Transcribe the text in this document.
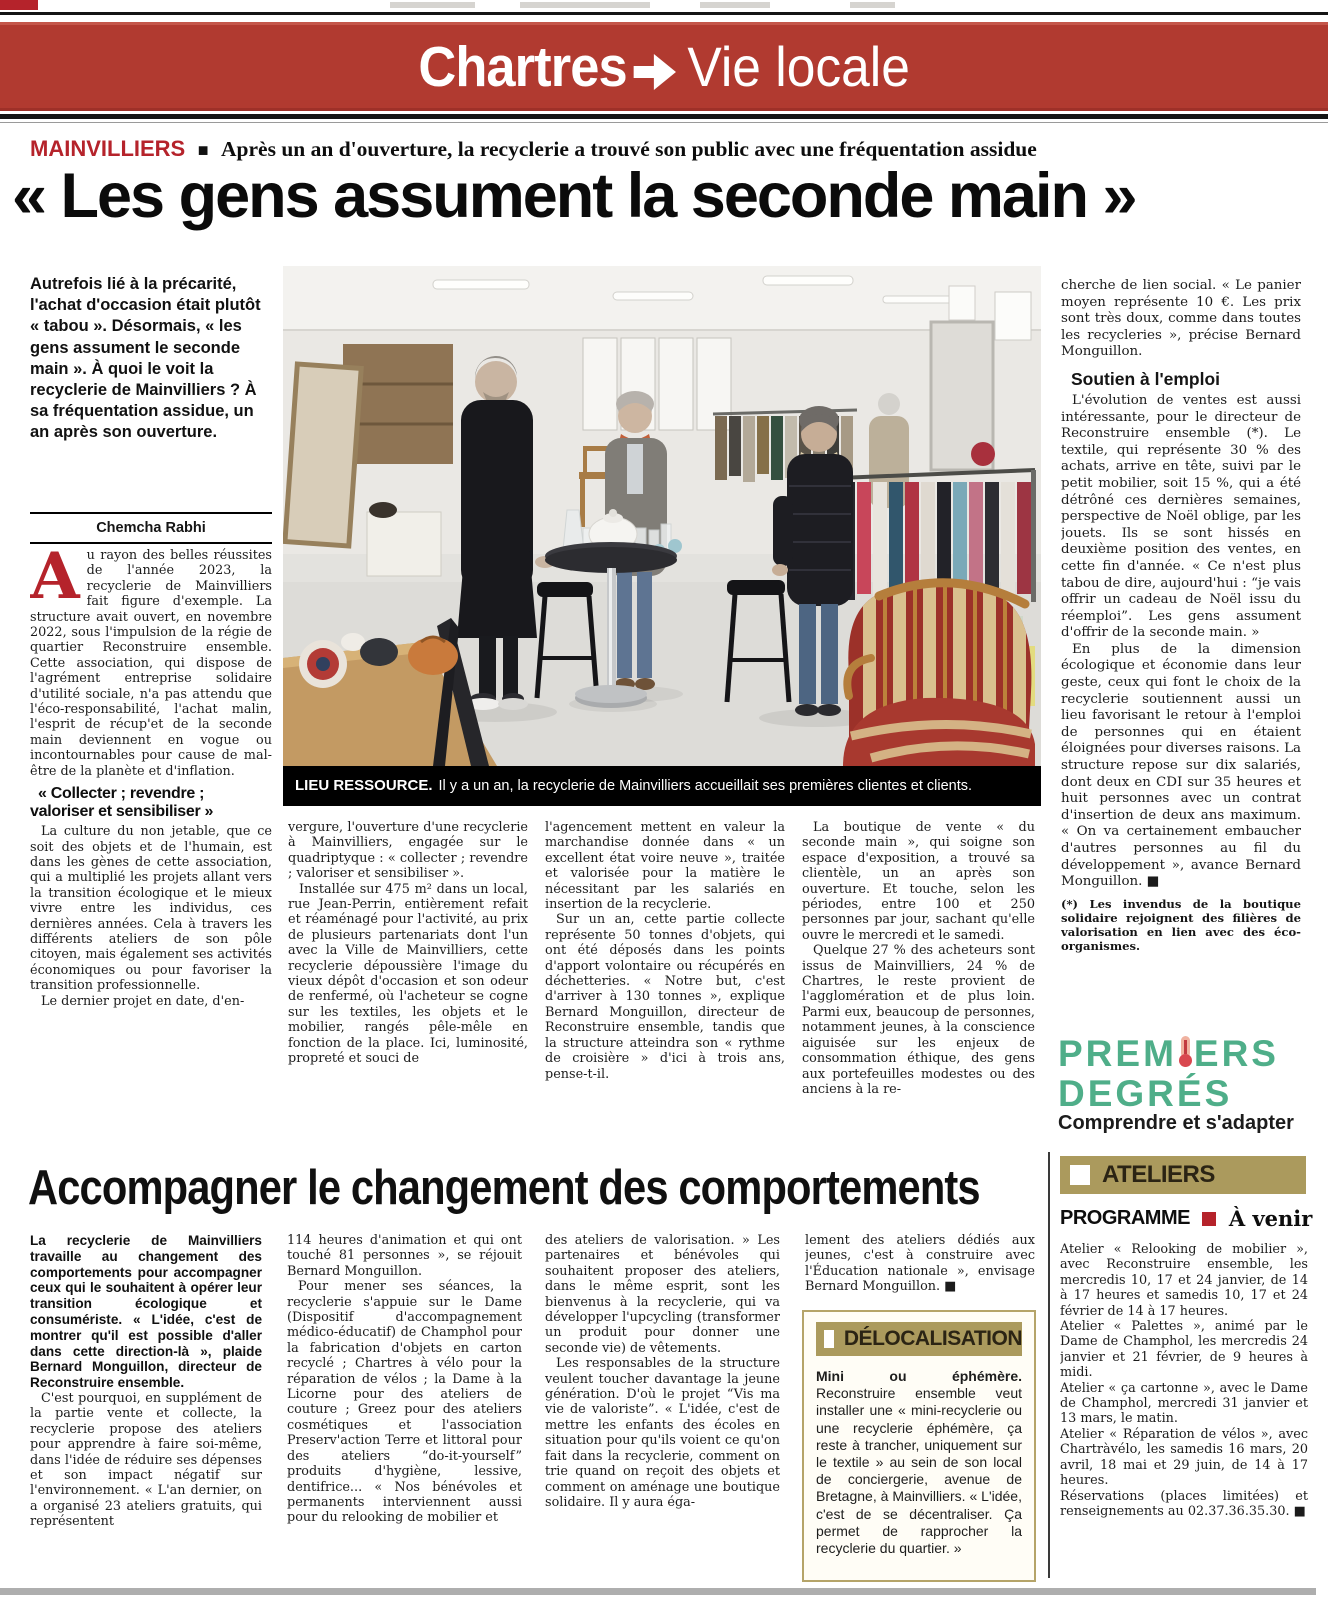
Chartres Vie locale
MAINVILLIERS ■ Après un an d'ouverture, la recyclerie a trouvé son public avec une fréquentation assidue
« Les gens assument la seconde main »
Autrefois lié à la précarité, l'achat d'occasion était plutôt « tabou ». Désormais, « les gens assument le seconde main ». À quoi le voit la recyclerie de Mainvilliers ? À sa fréquentation assidue, un an après son ouverture.
Chemcha Rabhi

Au rayon des belles réussites de l'année 2023, la recyclerie de Mainvilliers fait figure d'exemple. La structure avait ouvert, en novembre 2022, sous l'impulsion de la régie de quartier Reconstruire ensemble. Cette association, qui dispose de l'agrément entreprise solidaire d'utilité sociale, n'a pas attendu que l'éco-responsabilité, l'achat malin, l'esprit de récup'et de la seconde main deviennent en vogue ou incontournables pour cause de mal-être de la planète et d'inflation.

« Collecter ; revendre ; valoriser et sensibiliser »

La culture du non jetable, que ce soit des objets et de l'humain, est dans les gènes de cette association, qui a multiplié les projets allant vers la transition écologique et le mieux vivre entre les individus, ces dernières années. Cela à travers les différents ateliers de son pôle citoyen, mais également ses activités économiques ou pour favoriser la transition professionnelle.

Le dernier projet en date, d'en-

LIEU RESSOURCE. Il y a un an, la recyclerie de Mainvilliers accueillait ses premières clientes et clients.

vergure, l'ouverture d'une recyclerie à Mainvilliers, engagée sur le quadriptyque : « collecter ; revendre ; valoriser et sensibiliser ».

Installée sur 475 m² dans un local, rue Jean-Perrin, entièrement refait et réaménagé pour l'activité, au prix de plusieurs partenariats dont l'un avec la Ville de Mainvilliers, cette recyclerie dépoussière l'image du vieux dépôt d'occasion et son odeur de renfermé, où l'acheteur se cogne sur les textiles, les objets et le mobilier, rangés pêle-mêle en fonction de la place. Ici, luminosité, propreté et souci de

l'agencement mettent en valeur la marchandise donnée dans « un excellent état voire neuve », traitée et valorisée pour la matière le nécessitant par les salariés en insertion de la recyclerie.

Sur un an, cette partie collecte représente 50 tonnes d'objets, qui ont été déposés dans les points d'apport volontaire ou récupérés en déchetteries. « Notre but, c'est d'arriver à 130 tonnes », explique Bernard Monguillon, directeur de Reconstruire ensemble, tandis que la structure atteindra son « rythme de croisière » d'ici à trois ans, pense-t-il.

La boutique de vente « du seconde main », qui soigne son espace d'exposition, a trouvé sa clientèle, un an après son ouverture. Et touche, selon les périodes, entre 100 et 250 personnes par jour, sachant qu'elle ouvre le mercredi et le samedi.

Quelque 27 % des acheteurs sont issus de Mainvilliers, 24 % de Chartres, le reste provient de l'agglomération et de plus loin. Parmi eux, beaucoup de personnes, notamment jeunes, à la conscience aiguisée sur les enjeux de consommation éthique, des gens aux portefeuilles modestes ou des anciens à la re-

cherche de lien social. « Le panier moyen représente 10 €. Les prix sont très doux, comme dans toutes les recycleries », précise Bernard Monguillon.

Soutien à l'emploi

L'évolution de ventes est aussi intéressante, pour le directeur de Reconstruire ensemble (*). Le textile, qui représente 30 % des achats, arrive en tête, suivi par le petit mobilier, soit 15 %, qui a été détrôné ces dernières semaines, perspective de Noël oblige, par les jouets. Ils se sont hissés en deuxième position des ventes, en cette fin d'année. « Ce n'est plus tabou de dire, aujourd'hui : “je vais offrir un cadeau de Noël issu du réemploi”. Les gens assument d'offrir de la seconde main. »

En plus de la dimension écologique et économie dans leur geste, ceux qui font le choix de la recyclerie soutiennent aussi un lieu favorisant le retour à l'emploi de personnes qui en étaient éloignées pour diverses raisons. La structure repose sur dix salariés, dont deux en CDI sur 35 heures et huit personnes avec un contrat d'insertion de deux ans maximum. « On va certainement embaucher d'autres personnes au fil du développement », avance Bernard Monguillon. ■

(*) Les invendus de la boutique solidaire rejoignent des filières de valorisation en lien avec des éco-organismes.

PREM ERS
DEGRÉS
Comprendre et s'adapter
Accompagner le changement des comportements
La recyclerie de Mainvilliers travaille au changement des comportements pour accompagner ceux qui le souhaitent à opérer leur transition écologique et consumériste. « L'idée, c'est de montrer qu'il est possible d'aller dans cette direction-là », plaide Bernard Monguillon, directeur de Reconstruire ensemble.

C'est pourquoi, en supplément de la partie vente et collecte, la recyclerie propose des ateliers pour apprendre à faire soi-même, dans l'idée de réduire ses dépenses et son impact négatif sur l'environnement. « L'an dernier, on a organisé 23 ateliers gratuits, qui représentent

114 heures d'animation et qui ont touché 81 personnes », se réjouit Bernard Monguillon.

Pour mener ses séances, la recyclerie s'appuie sur le Dame (Dispositif d'accompagnement médico-éducatif) de Champhol pour la fabrication d'objets en carton recyclé ; Chartres à vélo pour la réparation de vélos ; la Dame à la Licorne pour des ateliers de couture ; Greez pour des ateliers cosmétiques et l'association Preserv'action Terre et littoral pour des ateliers “do-it-yourself” produits d'hygiène, lessive, dentifrice... « Nos bénévoles et permanents interviennent aussi pour du relooking de mobilier et

des ateliers de valorisation. » Les partenaires et bénévoles qui souhaitent proposer des ateliers, dans le même esprit, sont les bienvenus à la recyclerie, qui va développer l'upcycling (transformer un produit pour donner une seconde vie) de vêtements.

Les responsables de la structure veulent toucher davantage la jeune génération. D'où le projet “Vis ma vie de valoriste”. « L'idée, c'est de mettre les enfants des écoles en situation pour qu'ils voient ce qu'on fait dans la recyclerie, comment on trie quand on reçoit des objets et comment on aménage une boutique solidaire. Il y aura éga-

lement des ateliers dédiés aux jeunes, c'est à construire avec l'Éducation nationale », envisage Bernard Monguillon. ■

DÉLOCALISATION
Mini ou éphémère. Reconstruire ensemble veut installer une « mini-recyclerie ou une recyclerie éphémère, ça reste à trancher, uniquement sur le textile » au sein de son local de conciergerie, avenue de Bretagne, à Mainvilliers. « L'idée, c'est de se décentraliser. Ça permet de rapprocher la recyclerie du quartier. »
ATELIERS
PROGRAMME À venir

Atelier « Relooking de mobilier », avec Reconstruire ensemble, les mercredis 10, 17 et 24 janvier, de 14 à 17 heures et samedis 10, 17 et 24 février de 14 à 17 heures.

Atelier « Palettes », animé par le Dame de Champhol, les mercredis 24 janvier et 21 février, de 9 heures à midi.

Atelier « ça cartonne », avec le Dame de Champhol, mercredi 31 janvier et 13 mars, le matin.

Atelier « Réparation de vélos », avec Chartràvélo, les samedis 16 mars, 20 avril, 18 mai et 29 juin, de 14 à 17 heures.

Réservations (places limitées) et renseignements au 02.37.36.35.30. ■
